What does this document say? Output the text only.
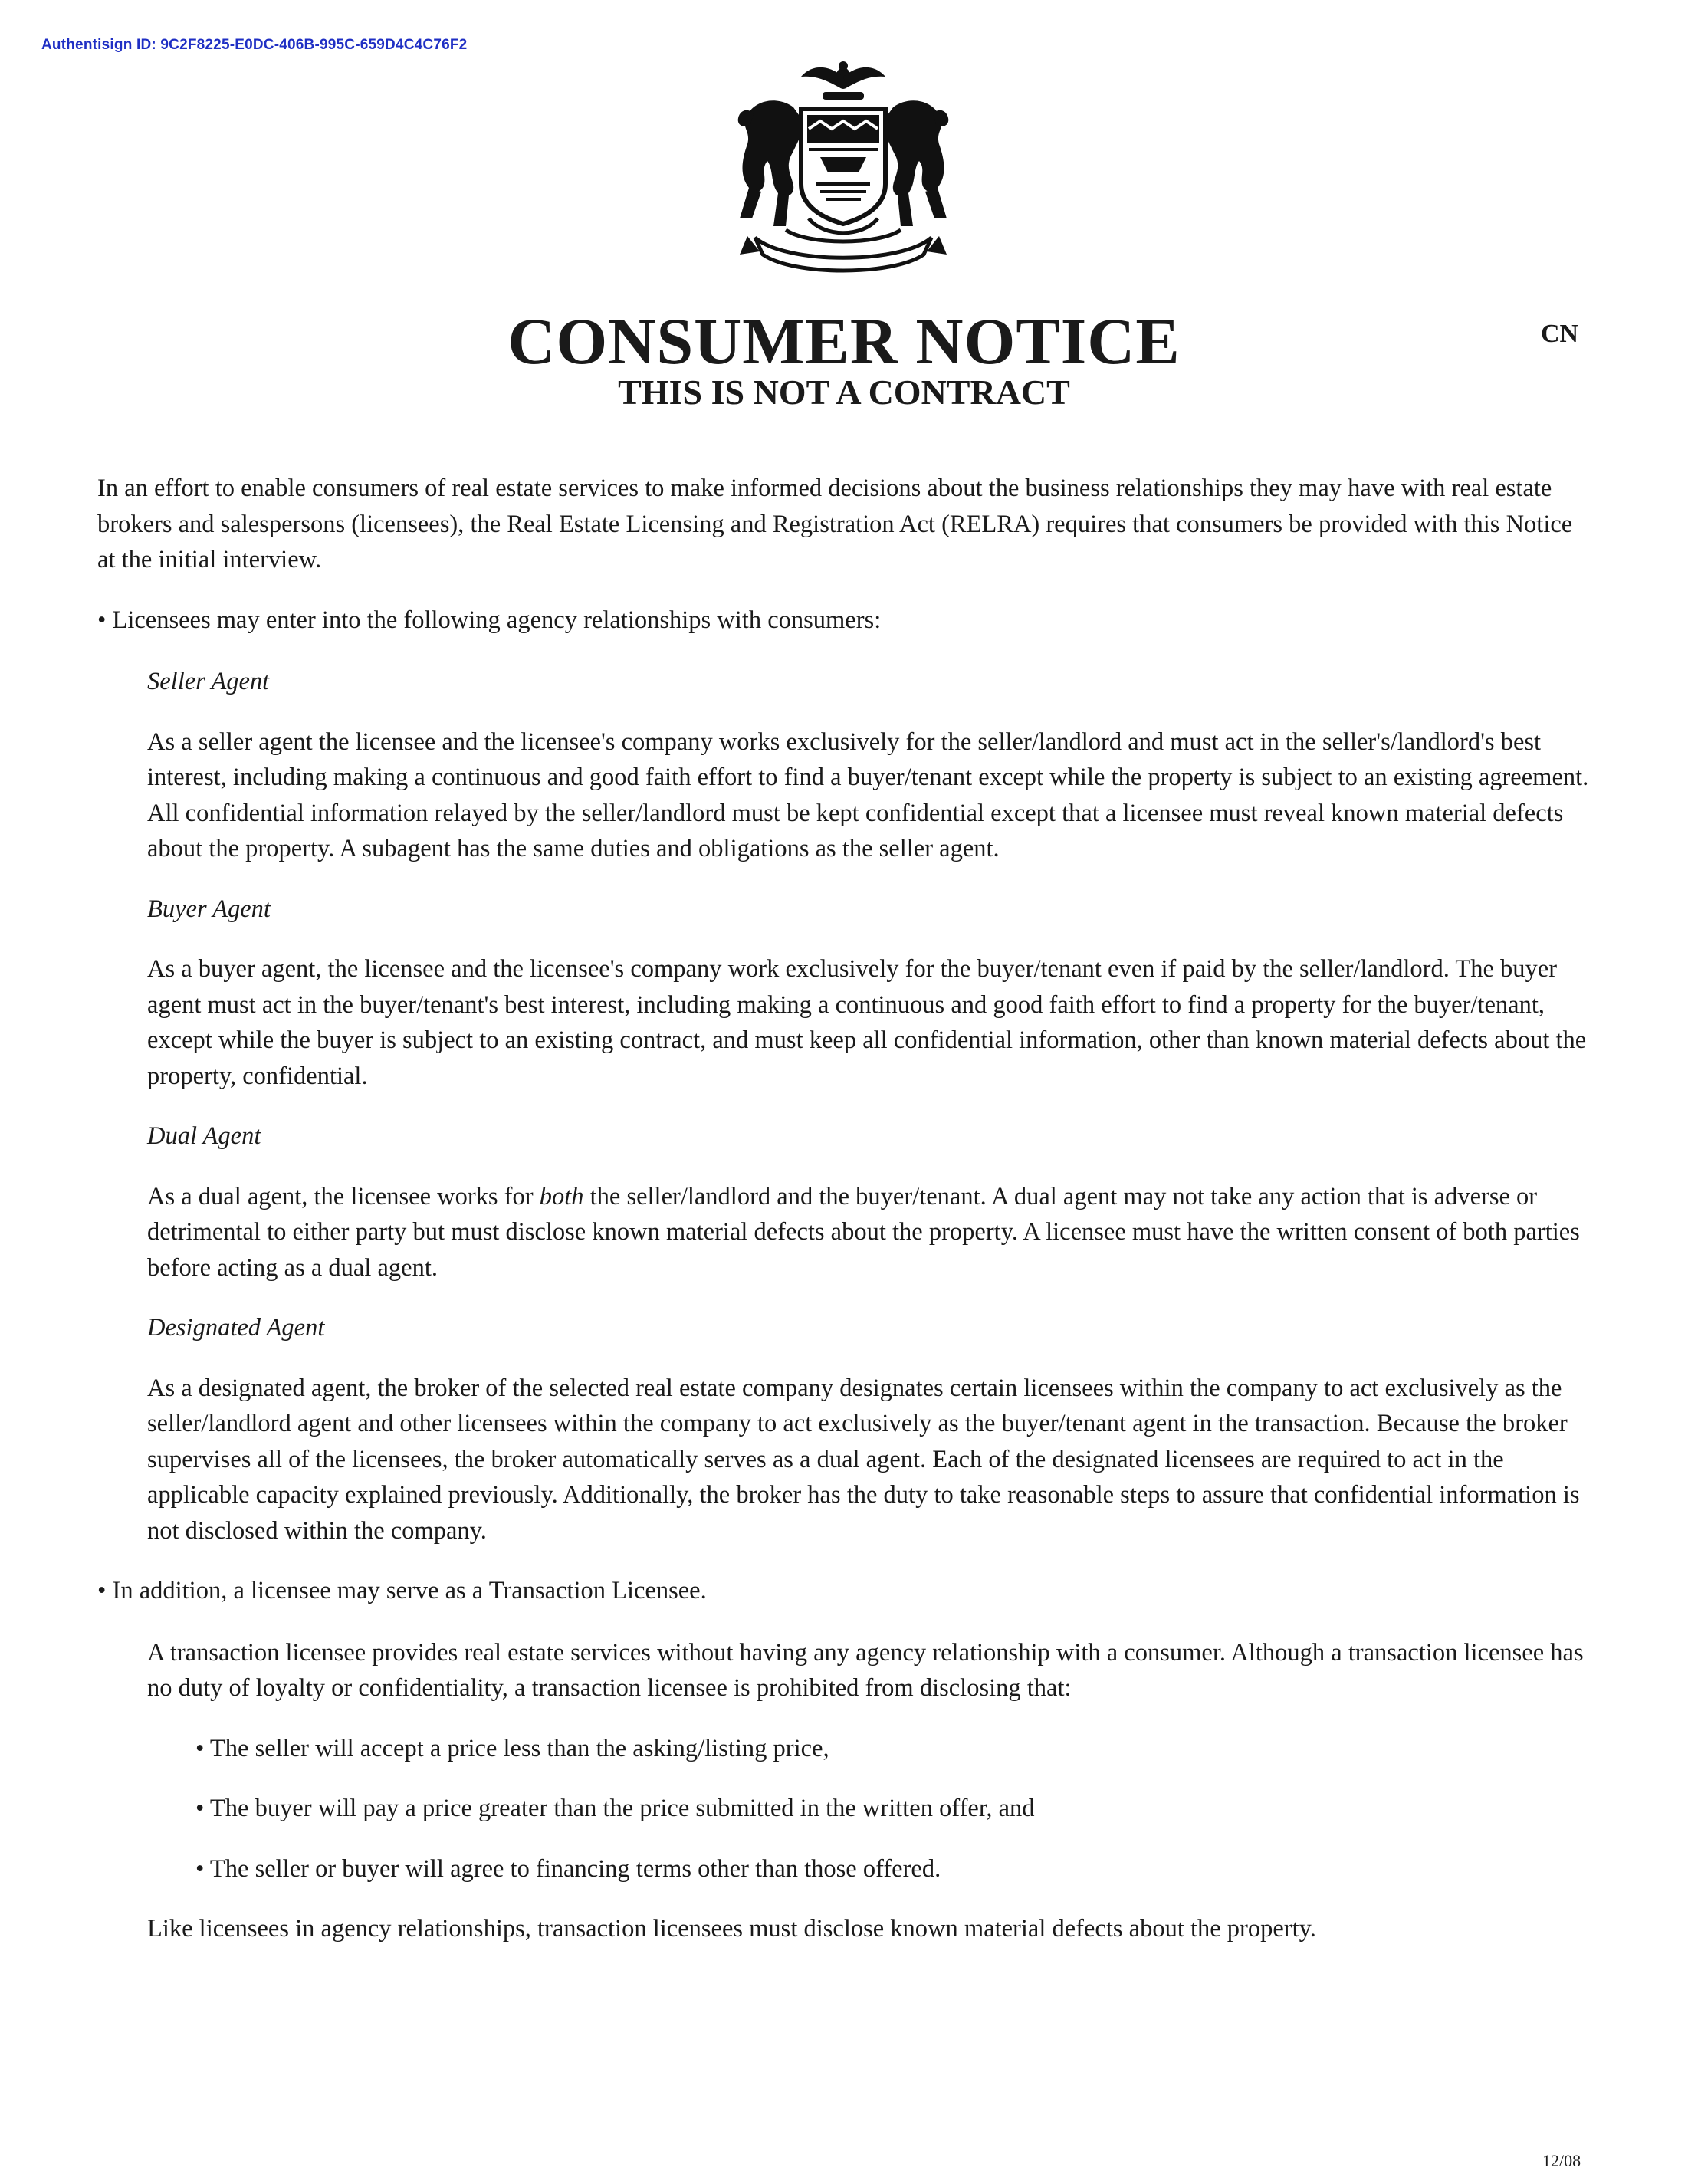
Authentisign ID: 9C2F8225-E0DC-406B-995C-659D4C4C76F2
CONSUMER NOTICE
THIS IS NOT A CONTRACT
CN

In an effort to enable consumers of real estate services to make informed decisions about the business relationships they may have with real estate brokers and salespersons (licensees), the Real Estate Licensing and Registration Act (RELRA) requires that consumers be provided with this Notice at the initial interview.

• Licensees may enter into the following agency relationships with consumers:

Seller Agent

As a seller agent the licensee and the licensee's company works exclusively for the seller/landlord and must act in the seller's/landlord's best interest, including making a continuous and good faith effort to find a buyer/tenant except while the property is subject to an existing agreement. All confidential information relayed by the seller/landlord must be kept confidential except that a licensee must reveal known material defects about the property. A subagent has the same duties and obligations as the seller agent.

Buyer Agent

As a buyer agent, the licensee and the licensee's company work exclusively for the buyer/tenant even if paid by the seller/landlord. The buyer agent must act in the buyer/tenant's best interest, including making a continuous and good faith effort to find a property for the buyer/tenant, except while the buyer is subject to an existing contract, and must keep all confidential information, other than known material defects about the property, confidential.

Dual Agent

As a dual agent, the licensee works for both the seller/landlord and the buyer/tenant. A dual agent may not take any action that is adverse or detrimental to either party but must disclose known material defects about the property. A licensee must have the written consent of both parties before acting as a dual agent.

Designated Agent

As a designated agent, the broker of the selected real estate company designates certain licensees within the company to act exclusively as the seller/landlord agent and other licensees within the company to act exclusively as the buyer/tenant agent in the transaction. Because the broker supervises all of the licensees, the broker automatically serves as a dual agent. Each of the designated licensees are required to act in the applicable capacity explained previously. Additionally, the broker has the duty to take reasonable steps to assure that confidential information is not disclosed within the company.

• In addition, a licensee may serve as a Transaction Licensee.

A transaction licensee provides real estate services without having any agency relationship with a consumer. Although a transaction licensee has no duty of loyalty or confidentiality, a transaction licensee is prohibited from disclosing that:

• The seller will accept a price less than the asking/listing price,

• The buyer will pay a price greater than the price submitted in the written offer, and

• The seller or buyer will agree to financing terms other than those offered.

Like licensees in agency relationships, transaction licensees must disclose known material defects about the property.

12/08
